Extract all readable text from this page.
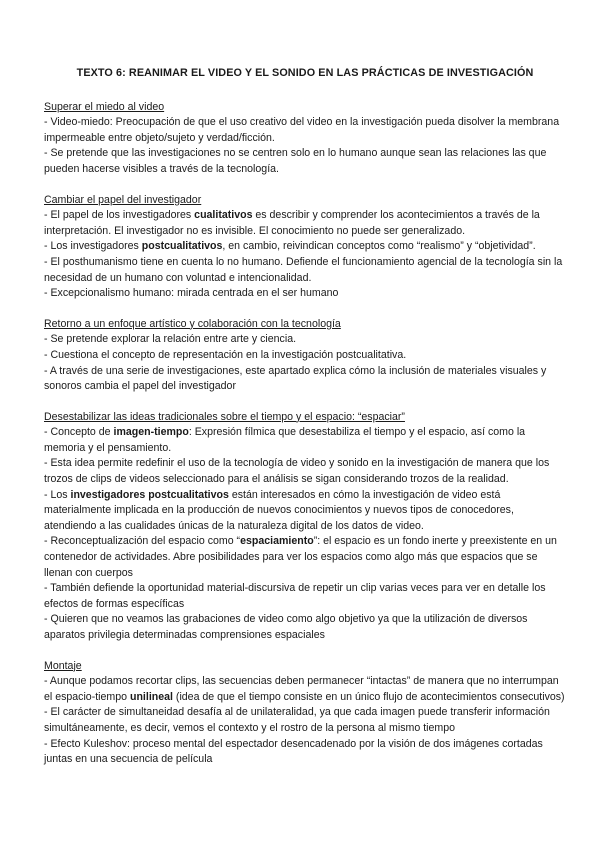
TEXTO 6: REANIMAR EL VIDEO Y EL SONIDO EN LAS PRÁCTICAS DE INVESTIGACIÓN

Superar el miedo al video

- Video-miedo: Preocupación de que el uso creativo del video en la investigación pueda disolver la membrana impermeable entre objeto/sujeto y verdad/ficción.

- Se pretende que las investigaciones no se centren solo en lo humano aunque sean las relaciones las que pueden hacerse visibles a través de la tecnología.

Cambiar el papel del investigador

- El papel de los investigadores cualitativos es describir y comprender los acontecimientos a través de la interpretación. El investigador no es invisible. El conocimiento no puede ser generalizado.

- Los investigadores postcualitativos, en cambio, reivindican conceptos como “realismo” y “objetividad”.

- El posthumanismo tiene en cuenta lo no humano. Defiende el funcionamiento agencial de la tecnología sin la necesidad de un humano con voluntad e intencionalidad.

- Excepcionalismo humano: mirada centrada en el ser humano

Retorno a un enfoque artístico y colaboración con la tecnología

- Se pretende explorar la relación entre arte y ciencia.

- Cuestiona el concepto de representación en la investigación postcualitativa.

- A través de una serie de investigaciones, este apartado explica cómo la inclusión de materiales visuales y sonoros cambia el papel del investigador

Desestabilizar las ideas tradicionales sobre el tiempo y el espacio: “espaciar”

- Concepto de imagen-tiempo: Expresión fílmica que desestabiliza el tiempo y el espacio, así como la memoria y el pensamiento.

- Esta idea permite redefinir el uso de la tecnología de video y sonido en la investigación de manera que los trozos de clips de videos seleccionado para el análisis se sigan considerando trozos de la realidad.

- Los investigadores postcualitativos están interesados en cómo la investigación de video está materialmente implicada en la producción de nuevos conocimientos y nuevos tipos de conocedores, atendiendo a las cualidades únicas de la naturaleza digital de los datos de video.

- Reconceptualización del espacio como “espaciamiento”: el espacio es un fondo inerte y preexistente en un contenedor de actividades. Abre posibilidades para ver los espacios como algo más que espacios que se llenan con cuerpos

- También defiende la oportunidad material-discursiva de repetir un clip varias veces para ver en detalle los efectos de formas específicas

- Quieren que no veamos las grabaciones de video como algo objetivo ya que la utilización de diversos aparatos privilegia determinadas comprensiones espaciales

Montaje

- Aunque podamos recortar clips, las secuencias deben permanecer “intactas” de manera que no interrumpan el espacio-tiempo unilineal (idea de que el tiempo consiste en un único flujo de acontecimientos consecutivos)

- El carácter de simultaneidad desafía al de unilateralidad, ya que cada imagen puede transferir información simultáneamente, es decir, vemos el contexto y el rostro de la persona al mismo tiempo

- Efecto Kuleshov: proceso mental del espectador desencadenado por la visión de dos imágenes cortadas juntas en una secuencia de película
